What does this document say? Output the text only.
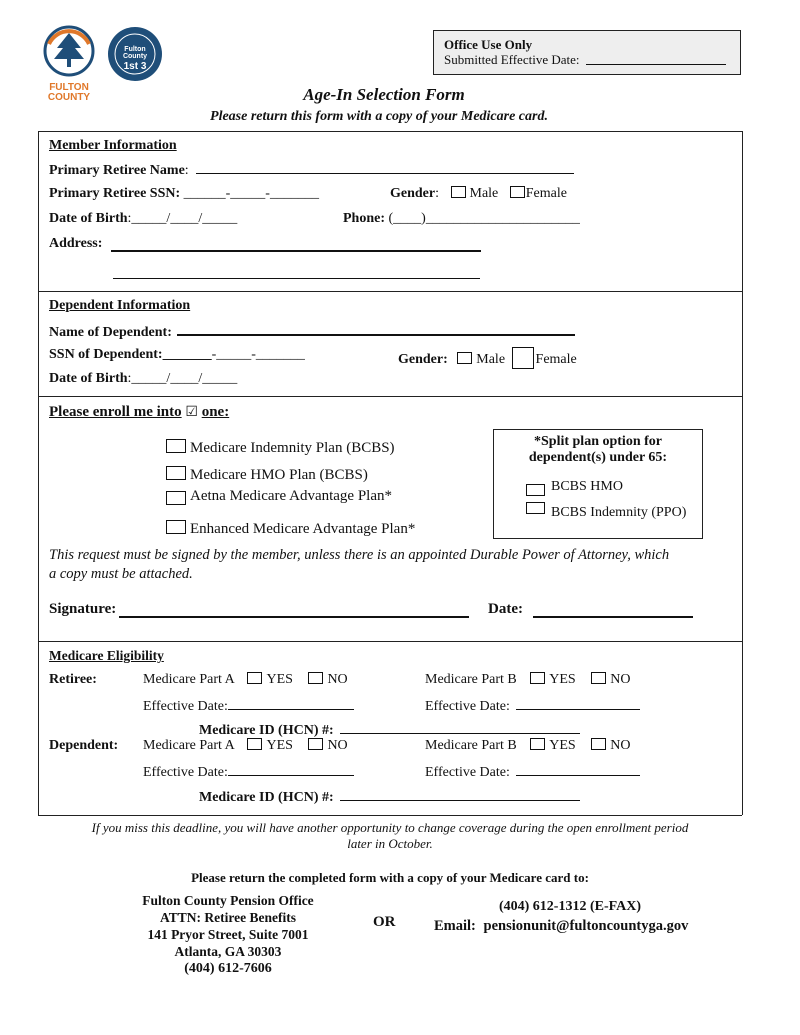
FULTON
COUNTY
Fulton
County
1st 3
Office Use Only
Submitted Effective Date:
Age-In Selection Form
Please return this form with a copy of your Medicare card.
Member Information
Primary Retiree Name:
Primary Retiree SSN: ______-_____-_______	Gender: Male Female
Date of Birth:_____/____/_____	Phone: (____)______________________
Address:
Dependent Information
Name of Dependent:
SSN of Dependent:_______-_____-_______	Gender: Male Female
Date of Birth:_____/____/_____
Please enroll me into ☑ one:
Medicare Indemnity Plan (BCBS)
Medicare HMO Plan (BCBS)
Aetna Medicare Advantage Plan*
Enhanced Medicare Advantage Plan*
*Split plan option for
dependent(s) under 65:
BCBS HMO
BCBS Indemnity (PPO)
This request must be signed by the member, unless there is an appointed Durable Power of Attorney, which
a copy must be attached.
Signature:	Date:
Medicare Eligibility
Retiree:	Medicare Part A YES NO	Medicare Part B YES NO
Effective Date:	Effective Date:
Medicare ID (HCN) #:
Dependent: Medicare Part A YES NO	Medicare Part B YES NO
Effective Date:	Effective Date:
Medicare ID (HCN) #:
If you miss this deadline, you will have another opportunity to change coverage during the open enrollment period
later in October.
Please return the completed form with a copy of your Medicare card to:
Fulton County Pension Office
ATTN: Retiree Benefits
141 Pryor Street, Suite 7001
Atlanta, GA 30303
(404) 612-7606
OR
(404) 612-1312 (E-FAX)
Email: pensionunit@fultoncountyga.gov
